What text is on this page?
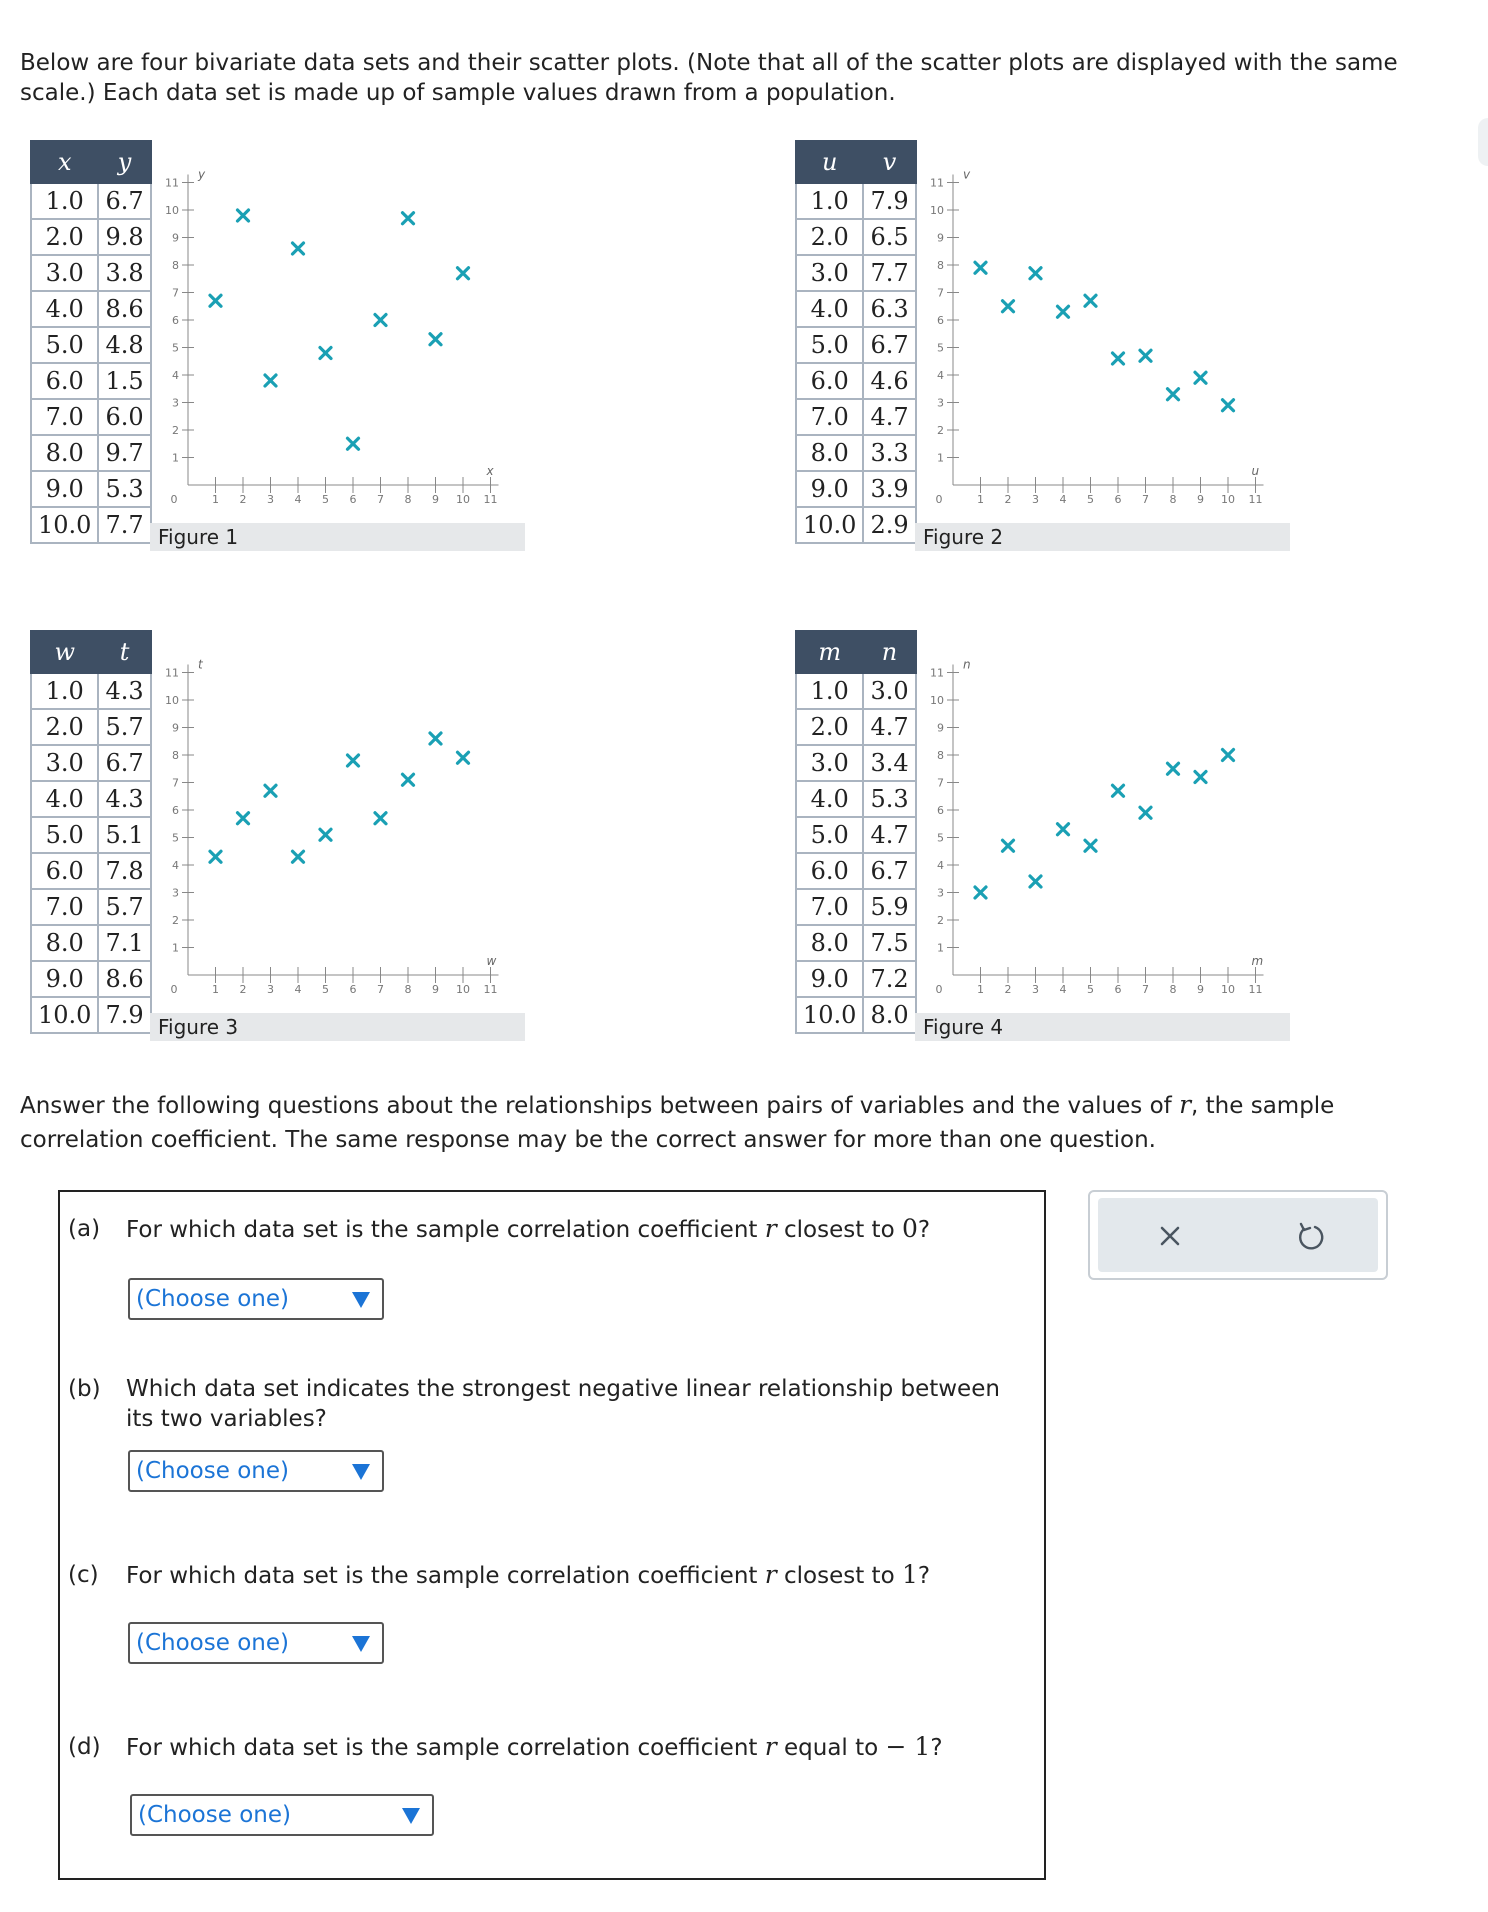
Below are four bivariate data sets and their scatter plots. (Note that all of the scatter plots are displayed with the same scale.) Each data set is made up of sample values drawn from a population.

x	y
1.0	6.7
2.0	9.8
3.0	3.8
4.0	8.6
5.0	4.8
6.0	1.5
7.0	6.0
8.0	9.7
9.0	5.3
10.0	7.7
0	1 2 3 4 5 6 7 8 9 10 11
1
2
3
4
5
6
7
8
9
10
11
x
y
Figure 1
u	v
1.0	7.9
2.0	6.5
3.0	7.7
4.0	6.3
5.0	6.7
6.0	4.6
7.0	4.7
8.0	3.3
9.0	3.9
10.0	2.9
0	1 2 3 4 5 6 7 8 9 10 11
1
2
3
4
5
6
7
8
9
10
11
u
v
Figure 2
w	t
1.0	4.3
2.0	5.7
3.0	6.7
4.0	4.3
5.0	5.1
6.0	7.8
7.0	5.7
8.0	7.1
9.0	8.6
10.0	7.9
0	1 2 3 4 5 6 7 8 9 10 11
1
2
3
4
5
6
7
8
9
10
11
w
t
Figure 3
m	n
1.0	3.0
2.0	4.7
3.0	3.4
4.0	5.3
5.0	4.7
6.0	6.7
7.0	5.9
8.0	7.5
9.0	7.2
10.0	8.0
0	1 2 3 4 5 6 7 8 9 10 11
1
2
3
4
5
6
7
8
9
10
11
m
n
Figure 4

Answer the following questions about the relationships between pairs of variables and the values of r, the sample correlation coefficient. The same response may be the correct answer for more than one question.

(a) For which data set is the sample correlation coefficient r closest to 0?
(Choose one)
(b) Which data set indicates the strongest negative linear relationship between its two variables?
(Choose one)
(c) For which data set is the sample correlation coefficient r closest to 1?
(Choose one)
(d) For which data set is the sample correlation coefficient r equal to − 1?
(Choose one)
